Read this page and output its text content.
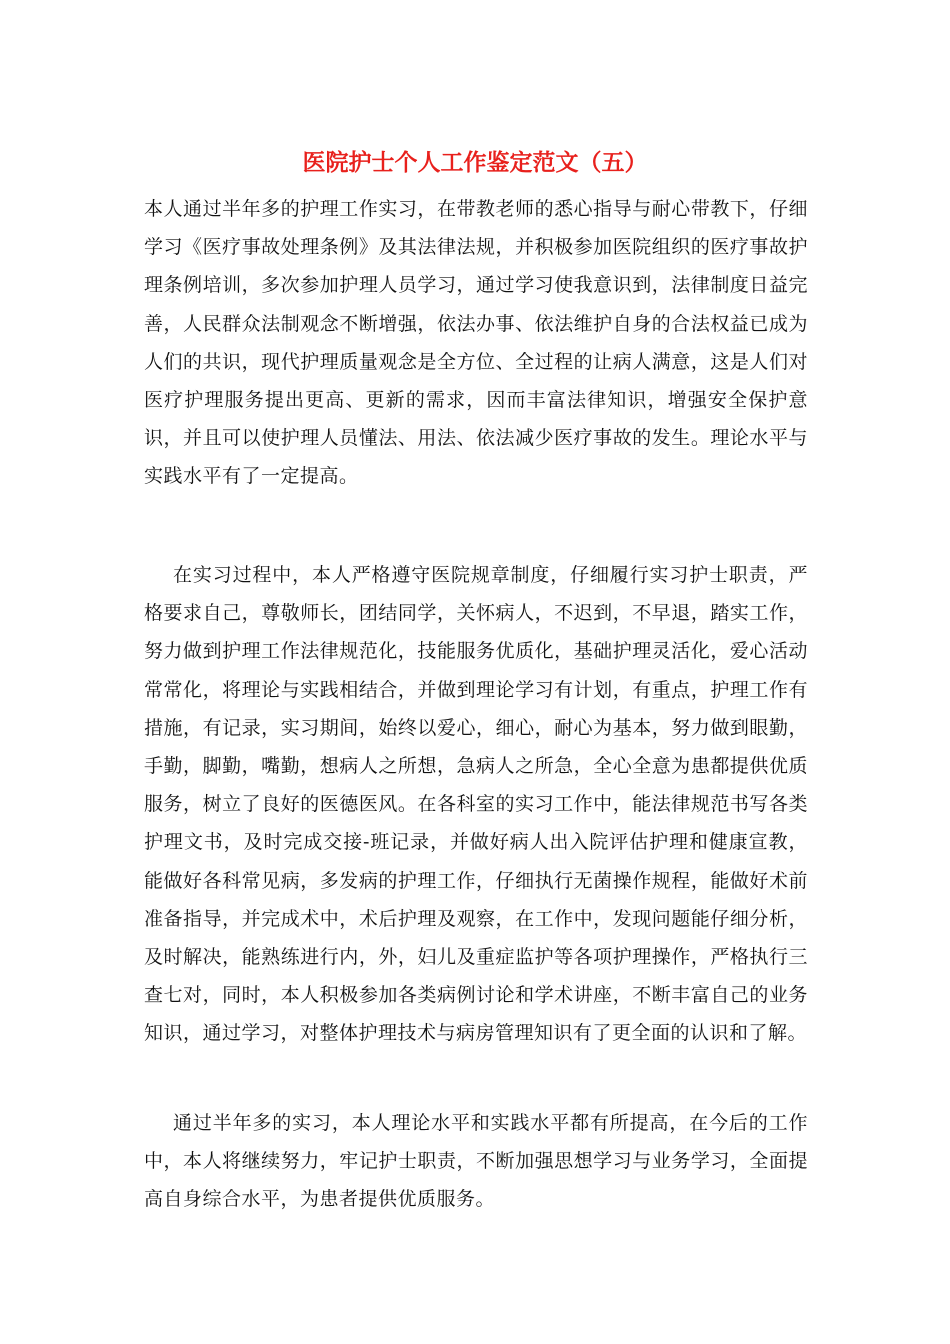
医院护士个人工作鉴定范文（五）

本人通过半年多的护理工作实习，在带教老师的悉心指导与耐心带教下，仔细学习《医疗事故处理条例》及其法律法规，并积极参加医院组织的医疗事故护理条例培训，多次参加护理人员学习，通过学习使我意识到，法律制度日益完善，人民群众法制观念不断增强，依法办事、依法维护自身的合法权益已成为人们的共识，现代护理质量观念是全方位、全过程的让病人满意，这是人们对医疗护理服务提出更高、更新的需求，因而丰富法律知识，增强安全保护意识，并且可以使护理人员懂法、用法、依法减少医疗事故的发生。理论水平与实践水平有了一定提高。

在实习过程中，本人严格遵守医院规章制度，仔细履行实习护士职责，严格要求自己，尊敬师长，团结同学，关怀病人，不迟到，不早退，踏实工作，努力做到护理工作法律规范化，技能服务优质化，基础护理灵活化，爱心活动常常化，将理论与实践相结合，并做到理论学习有计划，有重点，护理工作有措施，有记录，实习期间，始终以爱心，细心，耐心为基本，努力做到眼勤，手勤，脚勤，嘴勤，想病人之所想，急病人之所急，全心全意为患都提供优质服务，树立了良好的医德医风。在各科室的实习工作中，能法律规范书写各类护理文书，及时完成交接-班记录，并做好病人出入院评估护理和健康宣教，能做好各科常见病，多发病的护理工作，仔细执行无菌操作规程，能做好术前准备指导，并完成术中，术后护理及观察，在工作中，发现问题能仔细分析，及时解决，能熟练进行内，外，妇儿及重症监护等各项护理操作，严格执行三查七对，同时，本人积极参加各类病例讨论和学术讲座，不断丰富自己的业务知识，通过学习，对整体护理技术与病房管理知识有了更全面的认识和了解。

通过半年多的实习，本人理论水平和实践水平都有所提高，在今后的工作中，本人将继续努力，牢记护士职责，不断加强思想学习与业务学习，全面提高自身综合水平，为患者提供优质服务。
